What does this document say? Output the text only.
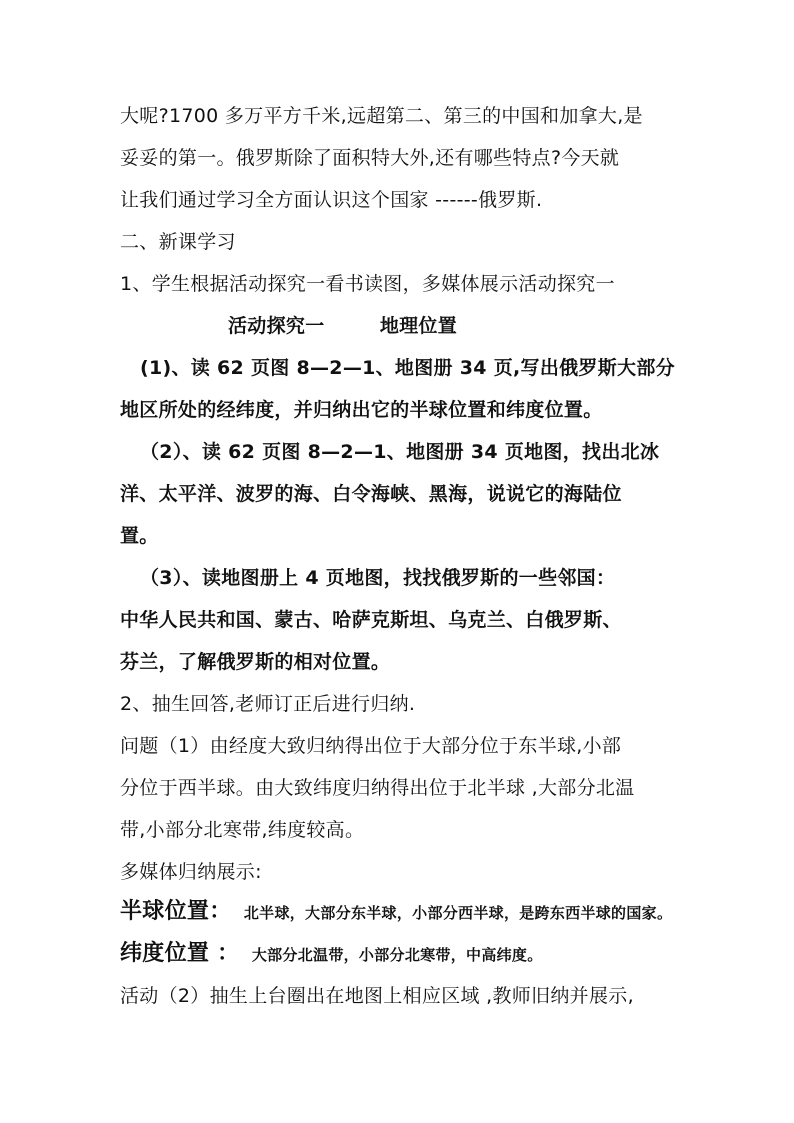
大呢?1700 多万平方千米,远超第二、第三的中国和加拿大,是
妥妥的第一。俄罗斯除了面积特大外,还有哪些特点?今天就
让我们通过学习全方面认识这个国家 ------俄罗斯.
二、新课学习
1、学生根据活动探究一看书读图，多媒体展示活动探究一
活动探究一        地理位置
(1)、读 62 页图 8—2—1、地图册 34 页,写出俄罗斯大部分
地区所处的经纬度，并归纳出它的半球位置和纬度位置。
（2）、读 62 页图 8—2—1、地图册 34 页地图，找出北冰
洋、太平洋、波罗的海、白令海峡、黑海，说说它的海陆位
置。
（3）、读地图册上 4 页地图，找找俄罗斯的一些邻国：
中华人民共和国、蒙古、哈萨克斯坦、乌克兰、白俄罗斯、
芬兰，了解俄罗斯的相对位置。
2、抽生回答,老师订正后进行归纳.
问题（1）由经度大致归纳得出位于大部分位于东半球,小部
分位于西半球。由大致纬度归纳得出位于北半球 ,大部分北温
带,小部分北寒带,纬度较高。
多媒体归纳展示:
半球位置： 北半球，大部分东半球，小部分西半球，是跨东西半球的国家。
纬度位置 ： 大部分北温带，小部分北寒带，中高纬度。
活动（2）抽生上台圈出在地图上相应区域 ,教师旧纳并展示,
